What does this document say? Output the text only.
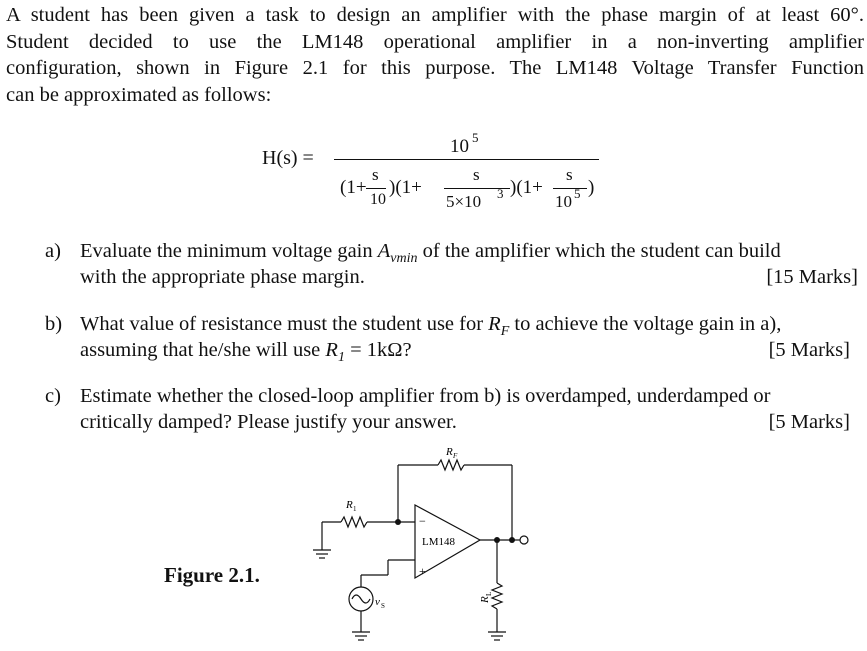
A student has been given a task to design an amplifier with the phase margin of at least 60°.
Student decided to use the LM148 operational amplifier in a non-inverting amplifier
configuration, shown in Figure 2.1 for this purpose. The LM148 Voltage Transfer Function
can be approximated as follows:
H(s) =
10 5
(1+
s
10
)(1+
s
5×10 3 )(1+
s
10 5 )
a) Evaluate the minimum voltage gain $A_{vmin}$ of the amplifier which the student can build
with the appropriate phase margin.	[15 Marks]
b) What value of resistance must the student use for $R_F$ to achieve the voltage gain in a),
assuming that he/she will use $R_1 = 1k\Omega$?	[5 Marks]
c) Estimate whether the closed-loop amplifier from b) is overdamped, underdamped or
critically damped? Please justify your answer.	[5 Marks]
Figure 2.1.
LM148
−
+
R F
R 1
v S
R
L
